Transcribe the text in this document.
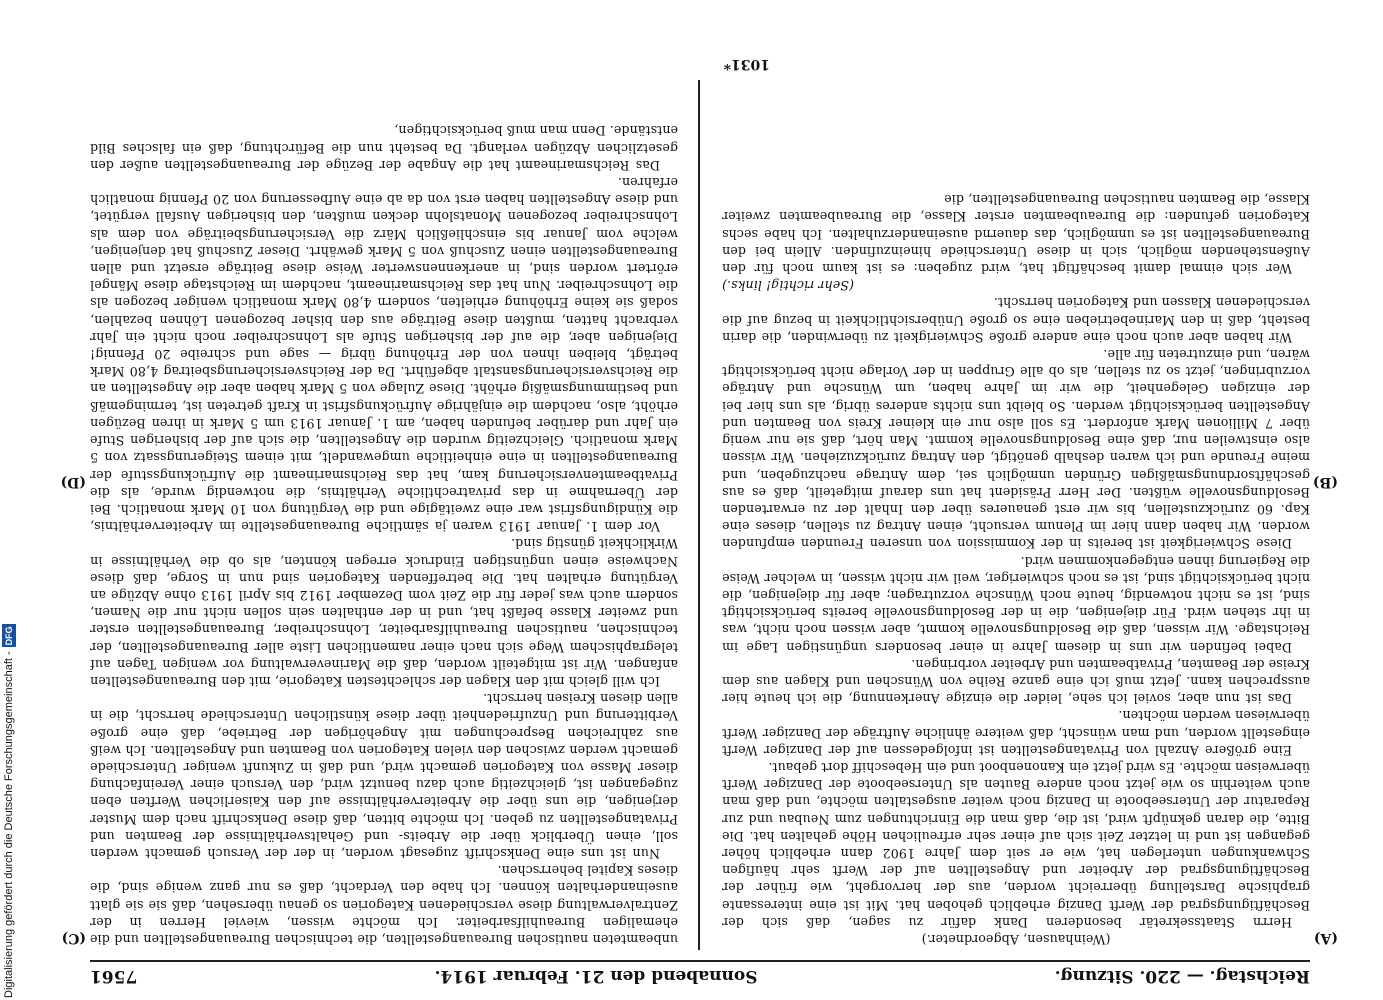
Digitalisierung gefördert durch die Deutsche Forschungsgemeinschaft -DFG
Reichstag. — 220. Sitzung.
Sonnabend den 21. Februar 1914.
7561
(A)
(B)
(C)
(D)

(Weinhausen, Abgeordneter.)

Herrn Staatssekretär besonderen Dank dafür zu sagen, daß sich der Beschäftigungsgrad der Werft Danzig erheblich gehoben hat. Mit ist eine interessante graphische Darstellung überreicht worden, aus der hervorgeht, wie früher der Beschäftigungsgrad der Arbeiter und Angestellten auf der Werft sehr häufigen Schwankungen unterlegen hat, wie er seit dem Jahre 1902 dann erheblich höher gegangen ist und in letzter Zeit sich auf einer sehr erfreulichen Höhe gehalten hat. Die Bitte, die daran geknüpft wird, ist die, daß man die Einrichtungen zum Neubau und zur Reparatur der Unterseeboote in Danzig noch weiter ausgestalten möchte, und daß man auch weiterhin so wie jetzt noch andere Bauten als Unterseeboote der Danziger Werft überweisen möchte. Es wird jetzt ein Kanonenboot und ein Hebeschiff dort gebaut.

Eine größere Anzahl von Privatangestellten ist infolgedessen auf der Danziger Werft eingestellt worden, und man wünscht, daß weitere ähnliche Aufträge der Danziger Werft überwiesen werden möchten.

Das ist nun aber, soviel ich sehe, leider die einzige Anerkennung, die ich heute hier aussprechen kann. Jetzt muß ich eine ganze Reihe von Wünschen und Klagen aus dem Kreise der Beamten, Privatbeamten und Arbeiter vorbringen.

Dabei befinden wir uns in diesem Jahre in einer besonders ungünstigen Lage im Reichstage. Wir wissen, daß die Besoldungsnovelle kommt, aber wissen noch nicht, was in ihr stehen wird. Für diejenigen, die in der Besoldungsnovelle bereits berücksichtigt sind, ist es nicht notwendig, heute noch Wünsche vorzutragen; aber für diejenigen, die nicht berücksichtigt sind, ist es noch schwieriger, weil wir nicht wissen, in welcher Weise die Regierung ihnen entgegenkommen wird.

Diese Schwierigkeit ist bereits in der Kommission von unseren Freunden empfunden worden. Wir haben dann hier im Plenum versucht, einen Antrag zu stellen, dieses eine Kap. 60 zurückzustellen, bis wir erst genaueres über den Inhalt der zu erwartenden Besoldungsnovelle wüßten. Der Herr Präsident hat uns darauf mitgeteilt, daß es aus geschäftsordnungsmäßigen Gründen unmöglich sei, dem Antrage nachzugeben, und meine Freunde und ich waren deshalb genötigt, den Antrag zurückzuziehen. Wir wissen also einstweilen nur, daß eine Besoldungsnovelle kommt. Man hört, daß sie nur wenig über 7 Millionen Mark anfordert. Es soll also nur ein kleiner Kreis von Beamten und Angestellten berücksichtigt werden. So bleibt uns nichts anderes übrig, als uns hier bei der einzigen Gelegenheit, die wir im Jahre haben, um Wünsche und Anträge vorzubringen, jetzt so zu stellen, als ob alle Gruppen in der Vorlage nicht berücksichtigt wären, und einzutreten für alle.

Wir haben aber auch noch eine andere große Schwierigkeit zu überwinden, die darin besteht, daß in den Marinebetrieben eine so große Unübersichtlichkeit in bezug auf die verschiedenen Klassen und Kategorien herrscht.

(Sehr richtig! links.)

Wer sich einmal damit beschäftigt hat, wird zugeben: es ist kaum noch für den Außenstehenden möglich, sich in diese Unterschiede hineinzufinden. Allein bei den Bureauangestellten ist es unmöglich, das dauernd auseinanderzuhalten. Ich habe sechs Kategorien gefunden: die Bureaubeamten erster Klasse, die Bureaubeamten zweiter Klasse, die Beamten nautischen Bureauangestellten, die

unbeamteten nautischen Bureauangestellten, die technischen Bureauangestellten und die ehemaligen Bureauhilfsarbeiter. Ich möchte wissen, wieviel Herren in der Zentralverwaltung diese verschiedenen Kategorien so genau übersehen, daß sie sie glatt auseinanderhalten können. Ich habe den Verdacht, daß es nur ganz wenige sind, die dieses Kapitel beherrschen.

Nun ist uns eine Denkschrift zugesagt worden, in der der Versuch gemacht werden soll, einen Überblick über die Arbeits- und Gehaltsverhältnisse der Beamten und Privatangestellten zu geben. Ich möchte bitten, daß diese Denkschrift nach dem Muster derjenigen, die uns über die Arbeiterverhältnisse auf den Kaiserlichen Werften eben zugegangen ist, gleichzeitig auch dazu benutzt wird, den Versuch einer Vereinfachung dieser Masse von Kategorien gemacht wird, und daß in Zukunft weniger Unterschiede gemacht werden zwischen den vielen Kategorien von Beamten und Angestellten. Ich weiß aus zahlreichen Besprechungen mit Angehörigen der Betriebe, daß eine große Verbitterung und Unzufriedenheit über diese künstlichen Unterschiede herrscht, die in allen diesen Kreisen herrscht.

Ich will gleich mit den Klagen der schlechtesten Kategorie, mit den Bureauangestellten anfangen. Wir ist mitgeteilt worden, daß die Marineverwaltung vor wenigen Tagen auf telegraphischem Wege sich nach einer namentlichen Liste aller Bureauangestellten, der technischen, nautischen Bureauhilfsarbeiter, Lohnschreiber, Bureauangestellten erster und zweiter Klasse befaßt hat, und in der enthalten sein sollen nicht nur die Namen, sondern auch was jeder für die Zeit vom Dezember 1912 bis April 1913 ohne Abzüge an Vergütung erhalten hat. Die betreffenden Kategorien sind nun in Sorge, daß diese Nachweise einen ungünstigen Eindruck erregen könnten, als ob die Verhältnisse in Wirklichkeit günstig sind.

Vor dem 1. Januar 1913 waren ja sämtliche Bureauangestellte im Arbeiterverhältnis, die Kündigungsfrist war eine zweitägige und die Vergütung von 10 Mark monatlich. Bei der Übernahme in das privatrechtliche Verhältnis, die notwendig wurde, als die Privatbeamtenversicherung kam, hat das Reichsmarineamt die Aufrückungsstufe der Bureauangestellten in eine einheitliche umgewandelt, mit einem Steigerungssatz von 5 Mark monatlich. Gleichzeitig wurden die Angestellten, die sich auf der bisherigen Stufe ein Jahr und darüber befunden haben, am 1. Januar 1913 um 5 Mark in ihren Bezügen erhöht, also, nachdem die einjährige Aufrückungsfrist in Kraft getreten ist, termingemäß und bestimmungsmäßig erhöht. Diese Zulage von 5 Mark haben aber die Angestellten an die Reichsversicherungsanstalt abgeführt. Da der Reichsversicherungsbeitrag 4,80 Mark beträgt, bleiben ihnen von der Erhöhung übrig — sage und schreibe 20 Pfennig! Diejenigen aber, die auf der bisherigen Stufe als Lohnschreiber noch nicht ein Jahr verbracht hatten, mußten diese Beiträge aus den bisher bezogenen Löhnen bezahlen, sodaß sie keine Erhöhung erhielten, sondern 4,80 Mark monatlich weniger bezogen als die Lohnschreiber. Nun hat das Reichsmarineamt, nachdem im Reichstage diese Mängel erörtert worden sind, in anerkennenswerter Weise diese Beiträge ersetzt und allen Bureauangestellten einen Zuschuß von 5 Mark gewährt. Dieser Zuschuß hat denjenigen, welche vom Januar bis einschließlich März die Versicherungsbeiträge von dem als Lohnschreiber bezogenen Monatslohn decken mußten, den bisherigen Ausfall vergütet, und diese Angestellten haben erst von da ab eine Aufbesserung von 20 Pfennig monatlich erfahren.

Das Reichsmarineamt hat die Angabe der Bezüge der Bureauangestellten außer den gesetzlichen Abzügen verlangt. Da besteht nun die Befürchtung, daß ein falsches Bild entstände. Denn man muß berücksichtigen,

1031*
